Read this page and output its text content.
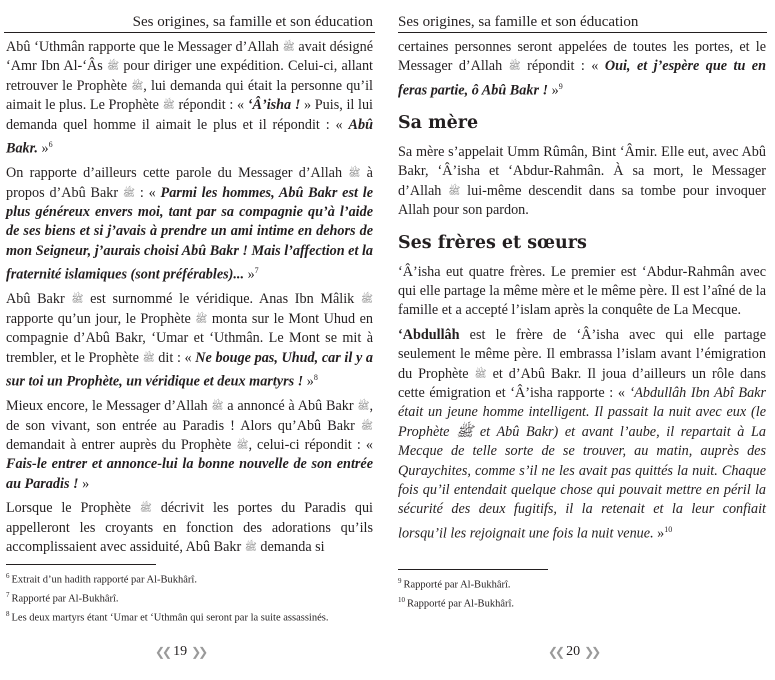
Ses origines, sa famille et son éducation

Abû ‘Uthmân rapporte que le Messager d’Allah ﷺ avait désigné ‘Amr Ibn Al-‘Âs ﷺ pour diriger une expédition. Celui-ci, allant retrouver le Prophète ﷺ, lui demanda qui était la personne qu’il aimait le plus. Le Prophète ﷺ répondit : « ‘Â’isha ! » Puis, il lui demanda quel homme il aimait le plus et il répondit : « Abû Bakr. »$^6$

On rapporte d’ailleurs cette parole du Messager d’Allah ﷺ à propos d’Abû Bakr ﷺ : « Parmi les hommes, Abû Bakr est le plus généreux envers moi, tant par sa compagnie qu’à l’aide de ses biens et si j’avais à prendre un ami intime en dehors de mon Seigneur, j’aurais choisi Abû Bakr ! Mais l’affection et la fraternité islamiques (sont préférables)... »$^7$

Abû Bakr ﷺ est surnommé le véridique. Anas Ibn Mâlik ﷺ rapporte qu’un jour, le Prophète ﷺ monta sur le Mont Uhud en compagnie d’Abû Bakr, ‘Umar et ‘Uthmân. Le Mont se mit à trembler, et le Prophète ﷺ dit : « Ne bouge pas, Uhud, car il y a sur toi un Prophète, un véridique et deux martyrs ! »$^8$

Mieux encore, le Messager d’Allah ﷺ a annoncé à Abû Bakr ﷺ, de son vivant, son entrée au Paradis ! Alors qu’Abû Bakr ﷺ demandait à entrer auprès du Prophète ﷺ, celui-ci répondit : « Fais-le entrer et annonce-lui la bonne nouvelle de son entrée au Paradis ! »

Lorsque le Prophète ﷺ décrivit les portes du Paradis qui appelleront les croyants en fonction des adorations qu’ils accomplissaient avec assiduité, Abû Bakr ﷺ demanda si

$^6$ Extrait d’un hadith rapporté par Al-Bukhârî.
$^7$ Rapporté par Al-Bukhârî.
$^8$ Les deux martyrs étant ‘Umar et ‘Uthmân qui seront par la suite assassinés.
❮❮ 19 ❯❯
Ses origines, sa famille et son éducation

certaines personnes seront appelées de toutes les portes, et le Messager d’Allah ﷺ répondit : « Oui, et j’espère que tu en feras partie, ô Abû Bakr ! »$^9$

Sa mère

Sa mère s’appelait Umm Rûmân, Bint ‘Âmir. Elle eut, avec Abû Bakr, ‘Â’isha et ‘Abdur-Rahmân. À sa mort, le Messager d’Allah ﷺ lui-même descendit dans sa tombe pour invoquer Allah pour son pardon.

Ses frères et sœurs

‘Â’isha eut quatre frères. Le premier est ‘Abdur-Rahmân avec qui elle partage la même mère et le même père. Il est l’aîné de la famille et a accepté l’islam après la conquête de La Mecque.

‘Abdullâh est le frère de ‘Â’isha avec qui elle partage seulement le même père. Il embrassa l’islam avant l’émigration du Prophète ﷺ et d’Abû Bakr. Il joua d’ailleurs un rôle dans cette émigration et ‘Â’isha rapporte : « ‘Abdullâh Ibn Abî Bakr était un jeune homme intelligent. Il passait la nuit avec eux (le Prophète ﷺ et Abû Bakr) et avant l’aube, il repartait à La Mecque de telle sorte de se trouver, au matin, auprès des Quraychites, comme s’il ne les avait pas quittés la nuit. Chaque fois qu’il entendait quelque chose qui pouvait mettre en péril la sécurité des deux fugitifs, il la retenait et la leur confiait lorsqu’il les rejoignait une fois la nuit venue. »$^{10}$

$^9$ Rapporté par Al-Bukhârî.
$^{10}$ Rapporté par Al-Bukhârî.
❮❮ 20 ❯❯
